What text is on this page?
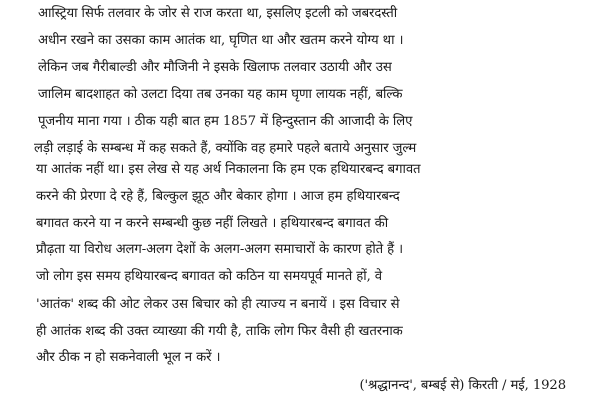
आस्ट्रिया सिर्फ तलवार के जोर से राज करता था, इसलिए इटली को जबरदस्ती
अधीन रखने का उसका काम आतंक था, घृणित था और खतम करने योग्य था ।
लेकिन जब गैरीबाल्डी और मौजिनी ने इसके खिलाफ तलवार उठायी और उस
जालिम बादशाहत को उलटा दिया तब उनका यह काम घृणा लायक नहीं, बल्कि
पूजनीय माना गया । ठीक यही बात हम 1857 में हिन्दुस्तान की आजादी के लिए
लड़ी लड़ाई के सम्बन्ध में कह सकते हैं, क्योंकि वह हमारे पहले बताये अनुसार जुल्म
या आतंक नहीं था। इस लेख से यह अर्थ निकालना कि हम एक हथियारबन्द बगावत
करने की प्रेरणा दे रहे हैं, बिल्कुल झूठ और बेकार होगा । आज हम हथियारबन्द
बगावत करने या न करने सम्बन्धी कुछ नहीं लिखते । हथियारबन्द बगावत की
प्रौढ़ता या विरोध अलग-अलग देशों के अलग-अलग समाचारों के कारण होते हैं ।
जो लोग इस समय हथियारबन्द बगावत को कठिन या समयपूर्व मानते हों, वे
'आतंक' शब्द की ओट लेकर उस बिचार को ही त्याज्य न बनायें । इस विचार से
ही आतंक शब्द की उक्त व्याख्या की गयी है, ताकि लोग फिर वैसी ही खतरनाक
और ठीक न हो सकनेवाली भूल न करें ।
('श्रद्धानन्द', बम्बई से) किरती / मई, 1928
